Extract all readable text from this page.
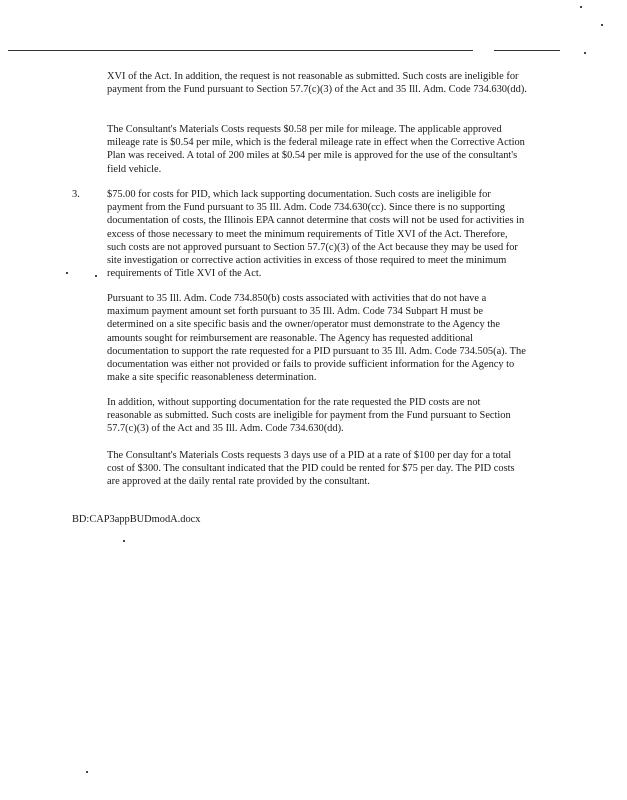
XVI of the Act. In addition, the request is not reasonable as submitted. Such costs are ineligible for payment from the Fund pursuant to Section 57.7(c)(3) of the Act and 35 Ill. Adm. Code 734.630(dd).
The Consultant's Materials Costs requests $0.58 per mile for mileage. The applicable approved mileage rate is $0.54 per mile, which is the federal mileage rate in effect when the Corrective Action Plan was received. A total of 200 miles at $0.54 per mile is approved for the use of the consultant's field vehicle.
3.	$75.00 for costs for PID, which lack supporting documentation. Such costs are ineligible for payment from the Fund pursuant to 35 Ill. Adm. Code 734.630(cc). Since there is no supporting documentation of costs, the Illinois EPA cannot determine that costs will not be used for activities in excess of those necessary to meet the minimum requirements of Title XVI of the Act. Therefore, such costs are not approved pursuant to Section 57.7(c)(3) of the Act because they may be used for site investigation or corrective action activities in excess of those required to meet the minimum requirements of Title XVI of the Act.
Pursuant to 35 Ill. Adm. Code 734.850(b) costs associated with activities that do not have a maximum payment amount set forth pursuant to 35 Ill. Adm. Code 734 Subpart H must be determined on a site specific basis and the owner/operator must demonstrate to the Agency the amounts sought for reimbursement are reasonable. The Agency has requested additional documentation to support the rate requested for a PID pursuant to 35 Ill. Adm. Code 734.505(a). The documentation was either not provided or fails to provide sufficient information for the Agency to make a site specific reasonableness determination.
In addition, without supporting documentation for the rate requested the PID costs are not reasonable as submitted. Such costs are ineligible for payment from the Fund pursuant to Section 57.7(c)(3) of the Act and 35 Ill. Adm. Code 734.630(dd).
The Consultant's Materials Costs requests 3 days use of a PID at a rate of $100 per day for a total cost of $300. The consultant indicated that the PID could be rented for $75 per day. The PID costs are approved at the daily rental rate provided by the consultant.
BD:CAP3appBUDmodA.docx
